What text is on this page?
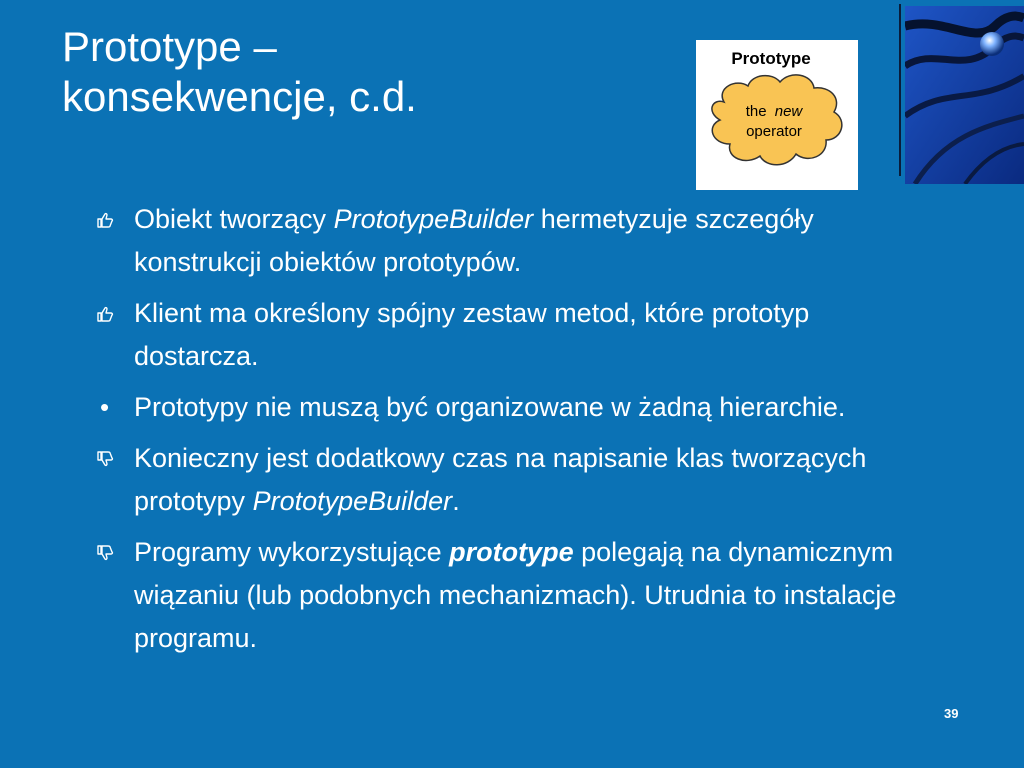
Prototype –
konsekwencje, c.d.
Prototype
the new
operator
Obiekt tworzący PrototypeBuilder hermetyzuje szczegóły konstrukcji obiektów prototypów.
Klient ma określony spójny zestaw metod, które prototyp dostarcza.
• Prototypy nie muszą być organizowane w żadną hierarchie.
Konieczny jest dodatkowy czas na napisanie klas tworzących prototypy PrototypeBuilder.
Programy wykorzystujące prototype polegają na dynamicznym wiązaniu (lub podobnych mechanizmach). Utrudnia to instalacje programu.
39
